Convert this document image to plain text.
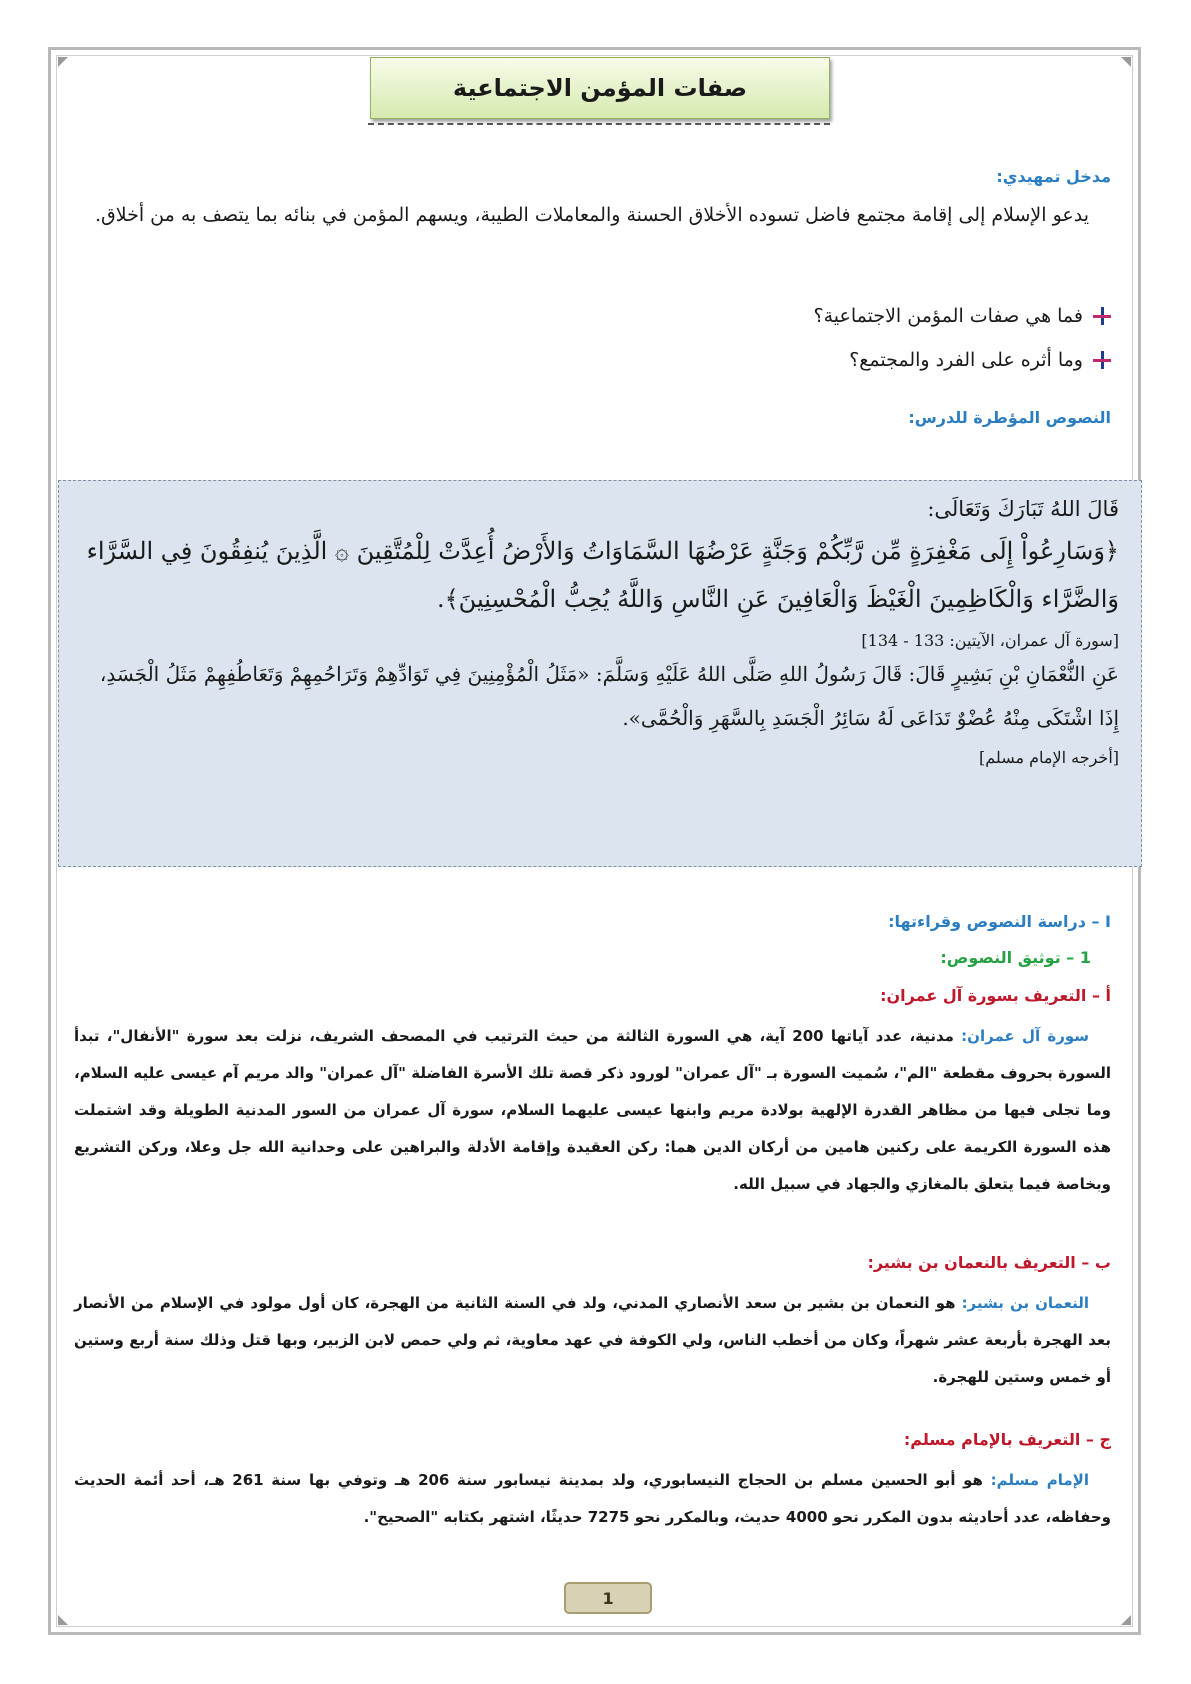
صفات المؤمن الاجتماعية
مدخل تمهيدي:
يدعو الإسلام إلى إقامة مجتمع فاضل تسوده الأخلاق الحسنة والمعاملات الطيبة، ويسهم المؤمن في بنائه بما يتصف به من أخلاق.
فما هي صفات المؤمن الاجتماعية؟
وما أثره على الفرد والمجتمع؟
النصوص المؤطرة للدرس:
قَالَ اللهُ تَبَارَكَ وَتَعَالَى:
﴿وَسَارِعُواْ إِلَى مَغْفِرَةٍ مِّن رَّبِّكُمْ وَجَنَّةٍ عَرْضُهَا السَّمَاوَاتُ وَالأَرْضُ أُعِدَّتْ لِلْمُتَّقِينَ ۞ الَّذِينَ يُنفِقُونَ فِي السَّرَّاء وَالضَّرَّاء وَالْكَاظِمِينَ الْغَيْظَ وَالْعَافِينَ عَنِ النَّاسِ وَاللَّهُ يُحِبُّ الْمُحْسِنِينَ﴾.
[سورة آل عمران، الآيتين: 133 - 134]
عَنِ النُّعْمَانِ بْنِ بَشِيرٍ قَالَ: قَالَ رَسُولُ اللهِ صَلَّى اللهُ عَلَيْهِ وَسَلَّمَ: «مَثَلُ الْمُؤْمِنِينَ فِي تَوَادِّهِمْ وَتَرَاحُمِهِمْ وَتَعَاطُفِهِمْ مَثَلُ الْجَسَدِ، إِذَا اشْتَكَى مِنْهُ عُضْوٌ تَدَاعَى لَهُ سَائِرُ الْجَسَدِ بِالسَّهَرِ وَالْحُمَّى».
[أخرجه الإمام مسلم]
I – دراسة النصوص وقراءتها:
1 – توثيق النصوص:
أ – التعريف بسورة آل عمران:
سورة آل عمران: مدنية، عدد آياتها 200 آية، هي السورة الثالثة من حيث الترتيب في المصحف الشريف، نزلت بعد سورة "الأنفال"، تبدأ السورة بحروف مقطعة "الم"، سُميت السورة بـ "آل عمران" لورود ذكر قصة تلك الأسرة الفاضلة "آل عمران" والد مريم آم عيسى عليه السلام، وما تجلى فيها من مظاهر القدرة الإلهية بولادة مريم وابنها عيسى عليهما السلام، سورة آل عمران من السور المدنية الطويلة وقد اشتملت هذه السورة الكريمة على ركنين هامين من أركان الدين هما: ركن العقيدة وإقامة الأدلة والبراهين على وحدانية الله جل وعلا، وركن التشريع وبخاصة فيما يتعلق بالمغازي والجهاد في سبيل الله.
ب – التعريف بالنعمان بن بشير:
النعمان بن بشير: هو النعمان بن بشير بن سعد الأنصاري المدني، ولد في السنة الثانية من الهجرة، كان أول مولود في الإسلام من الأنصار بعد الهجرة بأربعة عشر شهراً، وكان من أخطب الناس، ولي الكوفة في عهد معاوية، ثم ولي حمص لابن الزبير، وبها قتل وذلك سنة أربع وستين أو خمس وستين للهجرة.
ج – التعريف بالإمام مسلم:
الإمام مسلم: هو أبو الحسين مسلم بن الحجاج النيسابوري، ولد بمدينة نيسابور سنة 206 هـ وتوفي بها سنة 261 هـ، أحد أئمة الحديث وحفاظه، عدد أحاديثه بدون المكرر نحو 4000 حديث، وبالمكرر نحو 7275 حديثًا، اشتهر بكتابه "الصحيح".
1
